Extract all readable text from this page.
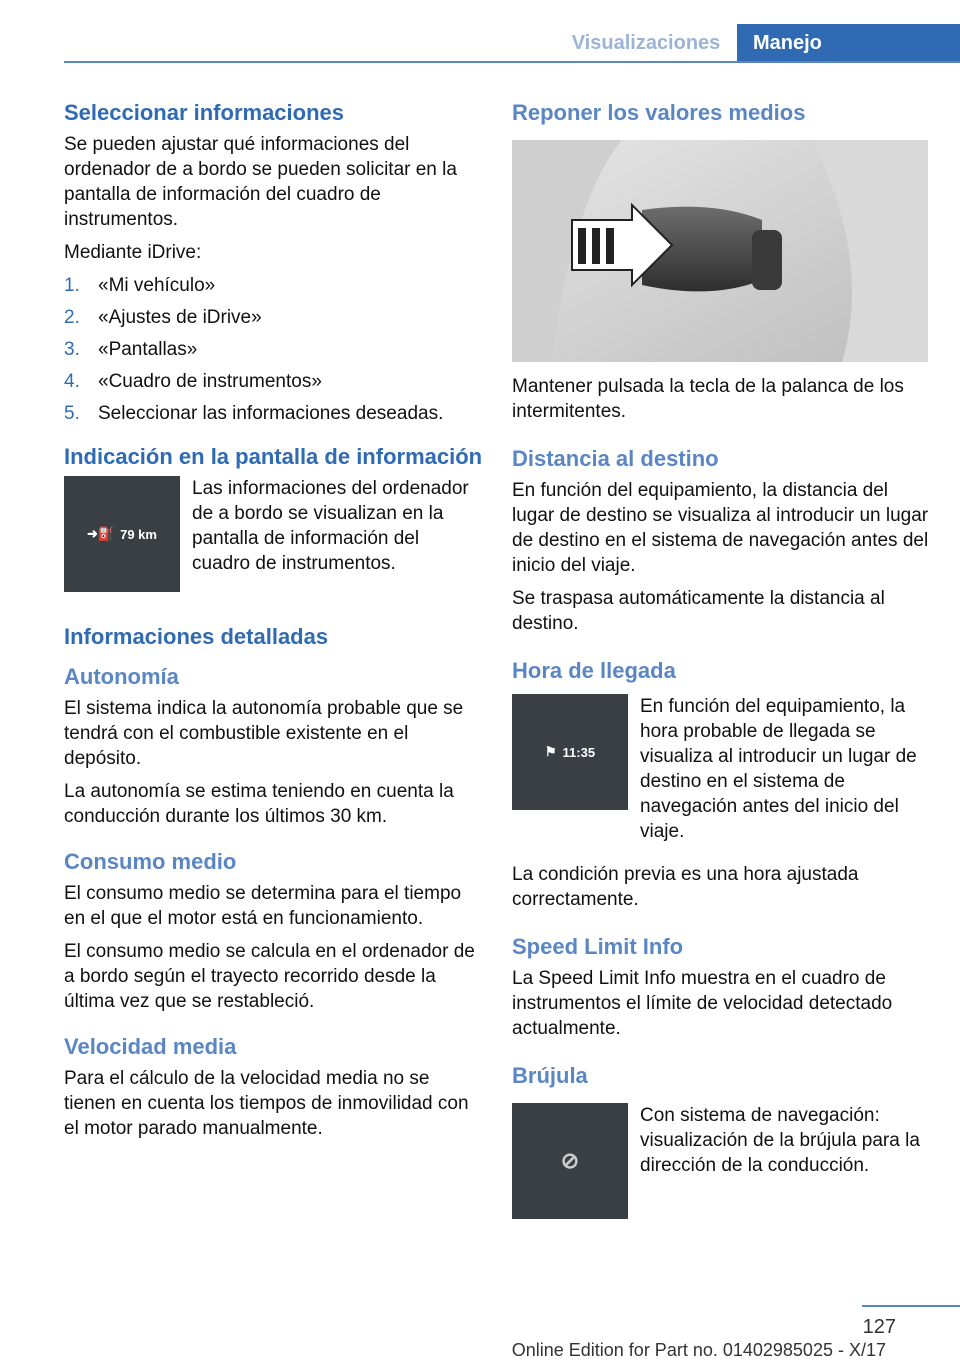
Visualizaciones	Manejo
Seleccionar informaciones

Se pueden ajustar qué informaciones del ordenador de a bordo se pueden solicitar en la pantalla de información del cuadro de instrumentos.

Mediante iDrive:

1. «Mi vehículo»
2. «Ajustes de iDrive»
3. «Pantallas»
4. «Cuadro de instrumentos»
5. Seleccionar las informaciones deseadas.
Indicación en la pantalla de información
➜⛽ 79 km

Las informaciones del ordenador de a bordo se visualizan en la pantalla de información del cuadro de instrumentos.

Informaciones detalladas
Autonomía

El sistema indica la autonomía probable que se tendrá con el combustible existente en el depósito.

La autonomía se estima teniendo en cuenta la conducción durante los últimos 30 km.

Consumo medio

El consumo medio se determina para el tiempo en el que el motor está en funcionamiento.

El consumo medio se calcula en el ordenador de a bordo según el trayecto recorrido desde la última vez que se restableció.

Velocidad media

Para el cálculo de la velocidad media no se tienen en cuenta los tiempos de inmovilidad con el motor parado manualmente.

Reponer los valores medios

Mantener pulsada la tecla de la palanca de los intermitentes.

Distancia al destino

En función del equipamiento, la distancia del lugar de destino se visualiza al introducir un lugar de destino en el sistema de navegación antes del inicio del viaje.

Se traspasa automáticamente la distancia al destino.

Hora de llegada
⚑ 11:35

En función del equipamiento, la hora probable de llegada se visualiza al introducir un lugar de destino en el sistema de navegación antes del inicio del viaje.

La condición previa es una hora ajustada correctamente.

Speed Limit Info

La Speed Limit Info muestra en el cuadro de instrumentos el límite de velocidad detectado actualmente.

Brújula
⊘

Con sistema de navegación: visualización de la brújula para la dirección de la conducción.

127
Online Edition for Part no. 01402985025 - X/17
